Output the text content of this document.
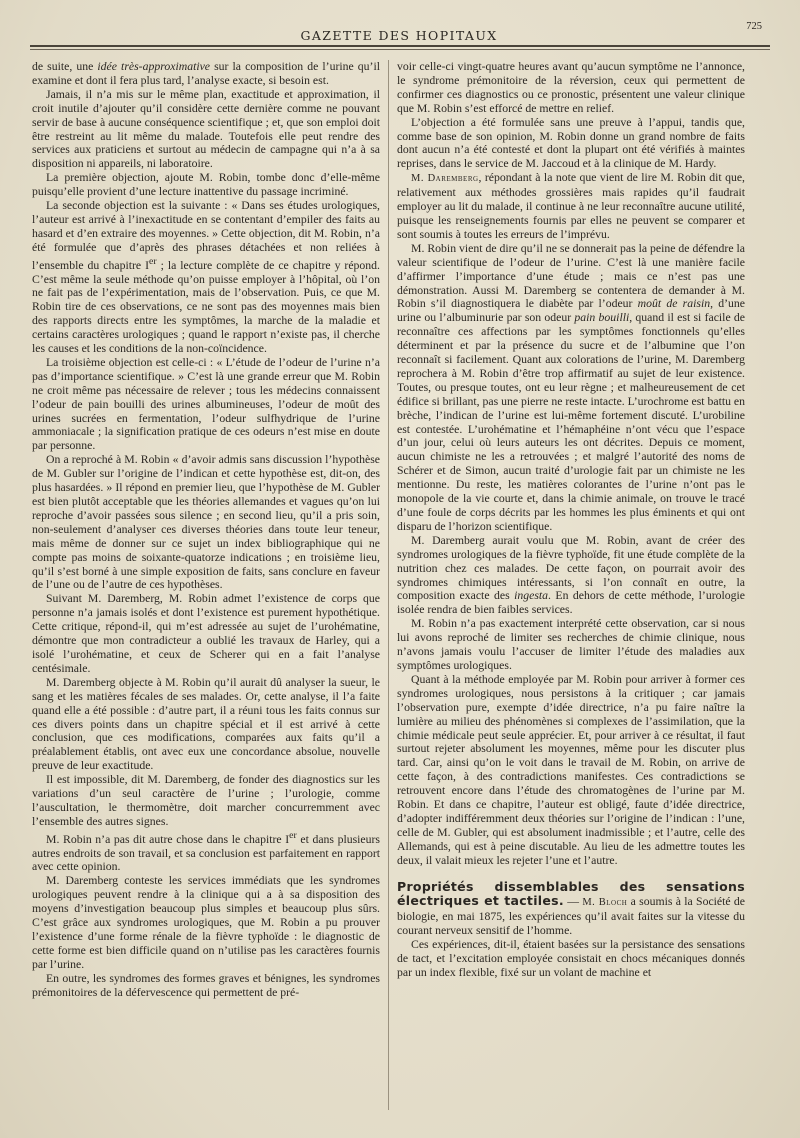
GAZETTE DES HOPITAUX
725

de suite, une idée très-approximative sur la composition de l’urine qu’il examine et dont il fera plus tard, l’analyse exacte, si besoin est.

Jamais, il n’a mis sur le même plan, exactitude et approximation, il croit inutile d’ajouter qu’il considère cette dernière comme ne pouvant servir de base à aucune conséquence scientifique ; et, que son emploi doit être restreint au lit même du malade. Toutefois elle peut rendre des services aux praticiens et surtout au médecin de campagne qui n’a à sa disposition ni appareils, ni laboratoire.

La première objection, ajoute M. Robin, tombe donc d’elle-même puisqu’elle provient d’une lecture inattentive du passage incriminé.

La seconde objection est la suivante : « Dans ses études urologiques, l’auteur est arrivé à l’inexactitude en se contentant d’empiler des faits au hasard et d’en extraire des moyennes. » Cette objection, dit M. Robin, n’a été formulée que d’après des phrases détachées et non reliées à l’ensemble du chapitre Ier ; la lecture complète de ce chapitre y répond. C’est même la seule méthode qu’on puisse employer à l’hôpital, où l’on ne fait pas de l’expérimentation, mais de l’observation. Puis, ce que M. Robin tire de ces observations, ce ne sont pas des moyennes mais bien des rapports directs entre les symptômes, la marche de la maladie et certains caractères urologiques ; quand le rapport n’existe pas, il cherche les causes et les conditions de la non-coïncidence.

La troisième objection est celle-ci : « L’étude de l’odeur de l’urine n’a pas d’importance scientifique. » C’est là une grande erreur que M. Robin ne croit même pas nécessaire de relever ; tous les médecins connaissent l’odeur de pain bouilli des urines albumineuses, l’odeur de moût des urines sucrées en fermentation, l’odeur sulfhydrique de l’urine ammoniacale ; la signification pratique de ces odeurs n’est mise en doute par personne.

On a reproché à M. Robin « d’avoir admis sans discussion l’hypothèse de M. Gubler sur l’origine de l’indican et cette hypothèse est, dit-on, des plus hasardées. » Il répond en premier lieu, que l’hypothèse de M. Gubler est bien plutôt acceptable que les théories allemandes et vagues qu’on lui reproche d’avoir passées sous silence ; en second lieu, qu’il a pris soin, non-seulement d’analyser ces diverses théories dans toute leur teneur, mais même de donner sur ce sujet un index bibliographique qui ne compte pas moins de soixante-quatorze indications ; en troisième lieu, qu’il s’est borné à une simple exposition de faits, sans conclure en faveur de l’une ou de l’autre de ces hypothèses.

Suivant M. Daremberg, M. Robin admet l’existence de corps que personne n’a jamais isolés et dont l’existence est purement hypothétique. Cette critique, répond-il, qui m’est adressée au sujet de l’urohématine, démontre que mon contradicteur a oublié les travaux de Harley, qui a isolé l’urohématine, et ceux de Scherer qui en a fait l’analyse centésimale.

M. Daremberg objecte à M. Robin qu’il aurait dû analyser la sueur, le sang et les matières fécales de ses malades. Or, cette analyse, il l’a faite quand elle a été possible : d’autre part, il a réuni tous les faits connus sur ces divers points dans un chapitre spécial et il est arrivé à cette conclusion, que ces modifications, comparées aux faits qu’il a préalablement établis, ont avec eux une concordance absolue, nouvelle preuve de leur exactitude.

Il est impossible, dit M. Daremberg, de fonder des diagnostics sur les variations d’un seul caractère de l’urine ; l’urologie, comme l’auscultation, le thermomètre, doit marcher concurremment avec l’ensemble des autres signes.

M. Robin n’a pas dit autre chose dans le chapitre Ier et dans plusieurs autres endroits de son travail, et sa conclusion est parfaitement en rapport avec cette opinion.

M. Daremberg conteste les services immédiats que les syndromes urologiques peuvent rendre à la clinique qui a à sa disposition des moyens d’investigation beaucoup plus simples et beaucoup plus sûrs. C’est grâce aux syndromes urologiques, que M. Robin a pu prouver l’existence d’une forme rénale de la fièvre typhoïde : le diagnostic de cette forme est bien difficile quand on n’utilise pas les caractères fournis par l’urine.

En outre, les syndromes des formes graves et bénignes, les syndromes prémonitoires de la défervescence qui permettent de pré-

voir celle-ci vingt-quatre heures avant qu’aucun symptôme ne l’annonce, le syndrome prémonitoire de la réversion, ceux qui permettent de confirmer ces diagnostics ou ce pronostic, présentent une valeur clinique que M. Robin s’est efforcé de mettre en relief.

L’objection a été formulée sans une preuve à l’appui, tandis que, comme base de son opinion, M. Robin donne un grand nombre de faits dont aucun n’a été contesté et dont la plupart ont été vérifiés à maintes reprises, dans le service de M. Jaccoud et à la clinique de M. Hardy.

M. Daremberg, répondant à la note que vient de lire M. Robin dit que, relativement aux méthodes grossières mais rapides qu’il faudrait employer au lit du malade, il continue à ne leur reconnaître aucune utilité, puisque les renseignements fournis par elles ne peuvent se comparer et sont soumis à toutes les erreurs de l’imprévu.

M. Robin vient de dire qu’il ne se donnerait pas la peine de défendre la valeur scientifique de l’odeur de l’urine. C’est là une manière facile d’affirmer l’importance d’une étude ; mais ce n’est pas une démonstration. Aussi M. Daremberg se contentera de demander à M. Robin s’il diagnostiquera le diabète par l’odeur moût de raisin, d’une urine ou l’albuminurie par son odeur pain bouilli, quand il est si facile de reconnaître ces affections par les symptômes fonctionnels qu’elles déterminent et par la présence du sucre et de l’albumine que l’on reconnaît si facilement. Quant aux colorations de l’urine, M. Daremberg reprochera à M. Robin d’être trop affirmatif au sujet de leur existence. Toutes, ou presque toutes, ont eu leur règne ; et malheureusement de cet édifice si brillant, pas une pierre ne reste intacte. L’urochrome est battu en brèche, l’indican de l’urine est lui-même fortement discuté. L’urobiline est contestée. L’urohématine et l’hémaphéine n’ont vécu que l’espace d’un jour, celui où leurs auteurs les ont décrites. Depuis ce moment, aucun chimiste ne les a retrouvées ; et malgré l’autorité des noms de Schérer et de Simon, aucun traité d’urologie fait par un chimiste ne les mentionne. Du reste, les matières colorantes de l’urine n’ont pas le monopole de la vie courte et, dans la chimie animale, on trouve le tracé d’une foule de corps décrits par les hommes les plus éminents et qui ont disparu de l’horizon scientifique.

M. Daremberg aurait voulu que M. Robin, avant de créer des syndromes urologiques de la fièvre typhoïde, fit une étude complète de la nutrition chez ces malades. De cette façon, on pourrait avoir des syndromes chimiques intéressants, si l’on connaît en outre, la composition exacte des ingesta. En dehors de cette méthode, l’urologie isolée rendra de bien faibles services.

M. Robin n’a pas exactement interprété cette observation, car si nous lui avons reproché de limiter ses recherches de chimie clinique, nous n’avons jamais voulu l’accuser de limiter l’étude des maladies aux symptômes urologiques.

Quant à la méthode employée par M. Robin pour arriver à former ces syndromes urologiques, nous persistons à la critiquer ; car jamais l’observation pure, exempte d’idée directrice, n’a pu faire naître la lumière au milieu des phénomènes si complexes de l’assimilation, que la chimie médicale peut seule apprécier. Et, pour arriver à ce résultat, il faut surtout rejeter absolument les moyennes, même pour les discuter plus tard. Car, ainsi qu’on le voit dans le travail de M. Robin, on arrive de cette façon, à des contradictions manifestes. Ces contradictions se retrouvent encore dans l’étude des chromatogènes de l’urine par M. Robin. Et dans ce chapitre, l’auteur est obligé, faute d’idée directrice, d’adopter indifféremment deux théories sur l’origine de l’indican : l’une, celle de M. Gubler, qui est absolument inadmissible ; et l’autre, celle des Allemands, qui est à peine discutable. Au lieu de les admettre toutes les deux, il valait mieux les rejeter l’une et l’autre.

Propriétés dissemblables des sensations électriques et tactiles. — M. Bloch a soumis à la Société de biologie, en mai 1875, les expériences qu’il avait faites sur la vitesse du courant nerveux sensitif de l’homme.

Ces expériences, dit-il, étaient basées sur la persistance des sensations de tact, et l’excitation employée consistait en chocs mécaniques donnés par un index flexible, fixé sur un volant de machine et
